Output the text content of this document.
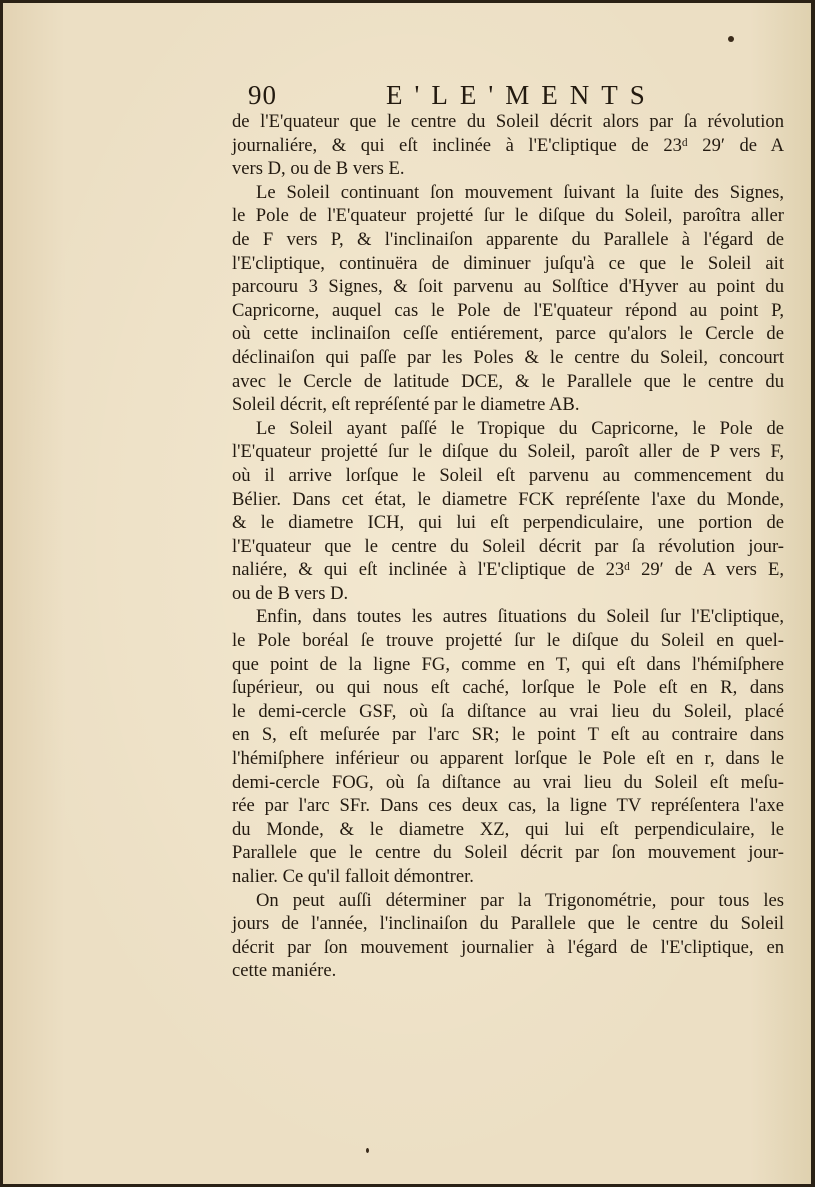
90	E'LE'MENTS
de l'E'quateur que le centre du Soleil décrit alors par ſa révolution
journaliére, & qui eſt inclinée à l'E'cliptique de 23ᵈ 29′ de A
vers D, ou de B vers E.
Le Soleil continuant ſon mouvement ſuivant la ſuite des Signes,
le Pole de l'E'quateur projetté ſur le diſque du Soleil, paroîtra aller
de F vers P, & l'inclinaiſon apparente du Parallele à l'égard de
l'E'cliptique, continuëra de diminuer juſqu'à ce que le Soleil ait
parcouru 3 Signes, & ſoit parvenu au Solſtice d'Hyver au point du
Capricorne, auquel cas le Pole de l'E'quateur répond au point P,
où cette inclinaiſon ceſſe entiérement, parce qu'alors le Cercle de
déclinaiſon qui paſſe par les Poles & le centre du Soleil, concourt
avec le Cercle de latitude DCE, & le Parallele que le centre du
Soleil décrit, eſt repréſenté par le diametre AB.
Le Soleil ayant paſſé le Tropique du Capricorne, le Pole de
l'E'quateur projetté ſur le diſque du Soleil, paroît aller de P vers F,
où il arrive lorſque le Soleil eſt parvenu au commencement du
Bélier. Dans cet état, le diametre FCK repréſente l'axe du Monde,
& le diametre ICH, qui lui eſt perpendiculaire, une portion de
l'E'quateur que le centre du Soleil décrit par ſa révolution jour-
naliére, & qui eſt inclinée à l'E'cliptique de 23ᵈ 29′ de A vers E,
ou de B vers D.
Enfin, dans toutes les autres ſituations du Soleil ſur l'E'cliptique,
le Pole boréal ſe trouve projetté ſur le diſque du Soleil en quel-
que point de la ligne FG, comme en T, qui eſt dans l'hémiſphere
ſupérieur, ou qui nous eſt caché, lorſque le Pole eſt en R, dans
le demi-cercle GSF, où ſa diſtance au vrai lieu du Soleil, placé
en S, eſt meſurée par l'arc SR; le point T eſt au contraire dans
l'hémiſphere inférieur ou apparent lorſque le Pole eſt en r, dans le
demi-cercle FOG, où ſa diſtance au vrai lieu du Soleil eſt meſu-
rée par l'arc SFr. Dans ces deux cas, la ligne TV repréſentera l'axe
du Monde, & le diametre XZ, qui lui eſt perpendiculaire, le
Parallele que le centre du Soleil décrit par ſon mouvement jour-
nalier. Ce qu'il falloit démontrer.
On peut auſſi déterminer par la Trigonométrie, pour tous les
jours de l'année, l'inclinaiſon du Parallele que le centre du Soleil
décrit par ſon mouvement journalier à l'égard de l'E'cliptique, en
cette maniére.
